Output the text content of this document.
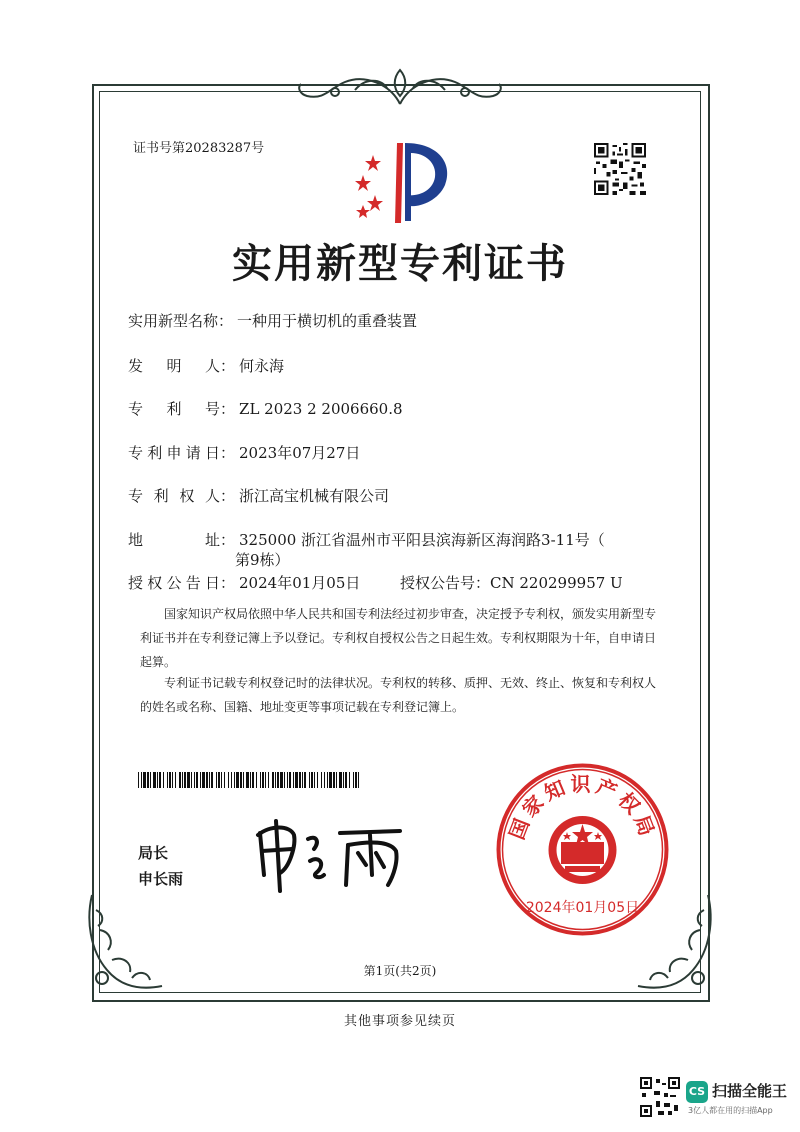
证书号第20283287号
实用新型专利证书
实用新型名称： 一种用于横切机的重叠装置
发 明 人 ： 何永海
专 利 号 ： ZL 2023 2 2006660.8
专 利 申 请 日 ： 2023年07月27日
专 利 权 人 ： 浙江高宝机械有限公司
地	址 ： 325000 浙江省温州市平阳县滨海新区海润路3-11号（
第9栋）
授 权 公 告 日 ： 2024年01月05日	授权公告号：CN 220299957 U
国家知识产权局依照中华人民共和国专利法经过初步审查，决定授予专利权，颁发实用新型专利证书并在专利登记簿上予以登记。专利权自授权公告之日起生效。专利权期限为十年，自申请日起算。
专利证书记载专利权登记时的法律状况。专利权的转移、质押、无效、终止、恢复和专利权人的姓名或名称、国籍、地址变更等事项记载在专利登记簿上。
局长
申长雨
国家知识产权局
2024年01月05日
第1页(共2页)
其他事项参见续页
CS 扫描全能王
3亿人都在用的扫描App
